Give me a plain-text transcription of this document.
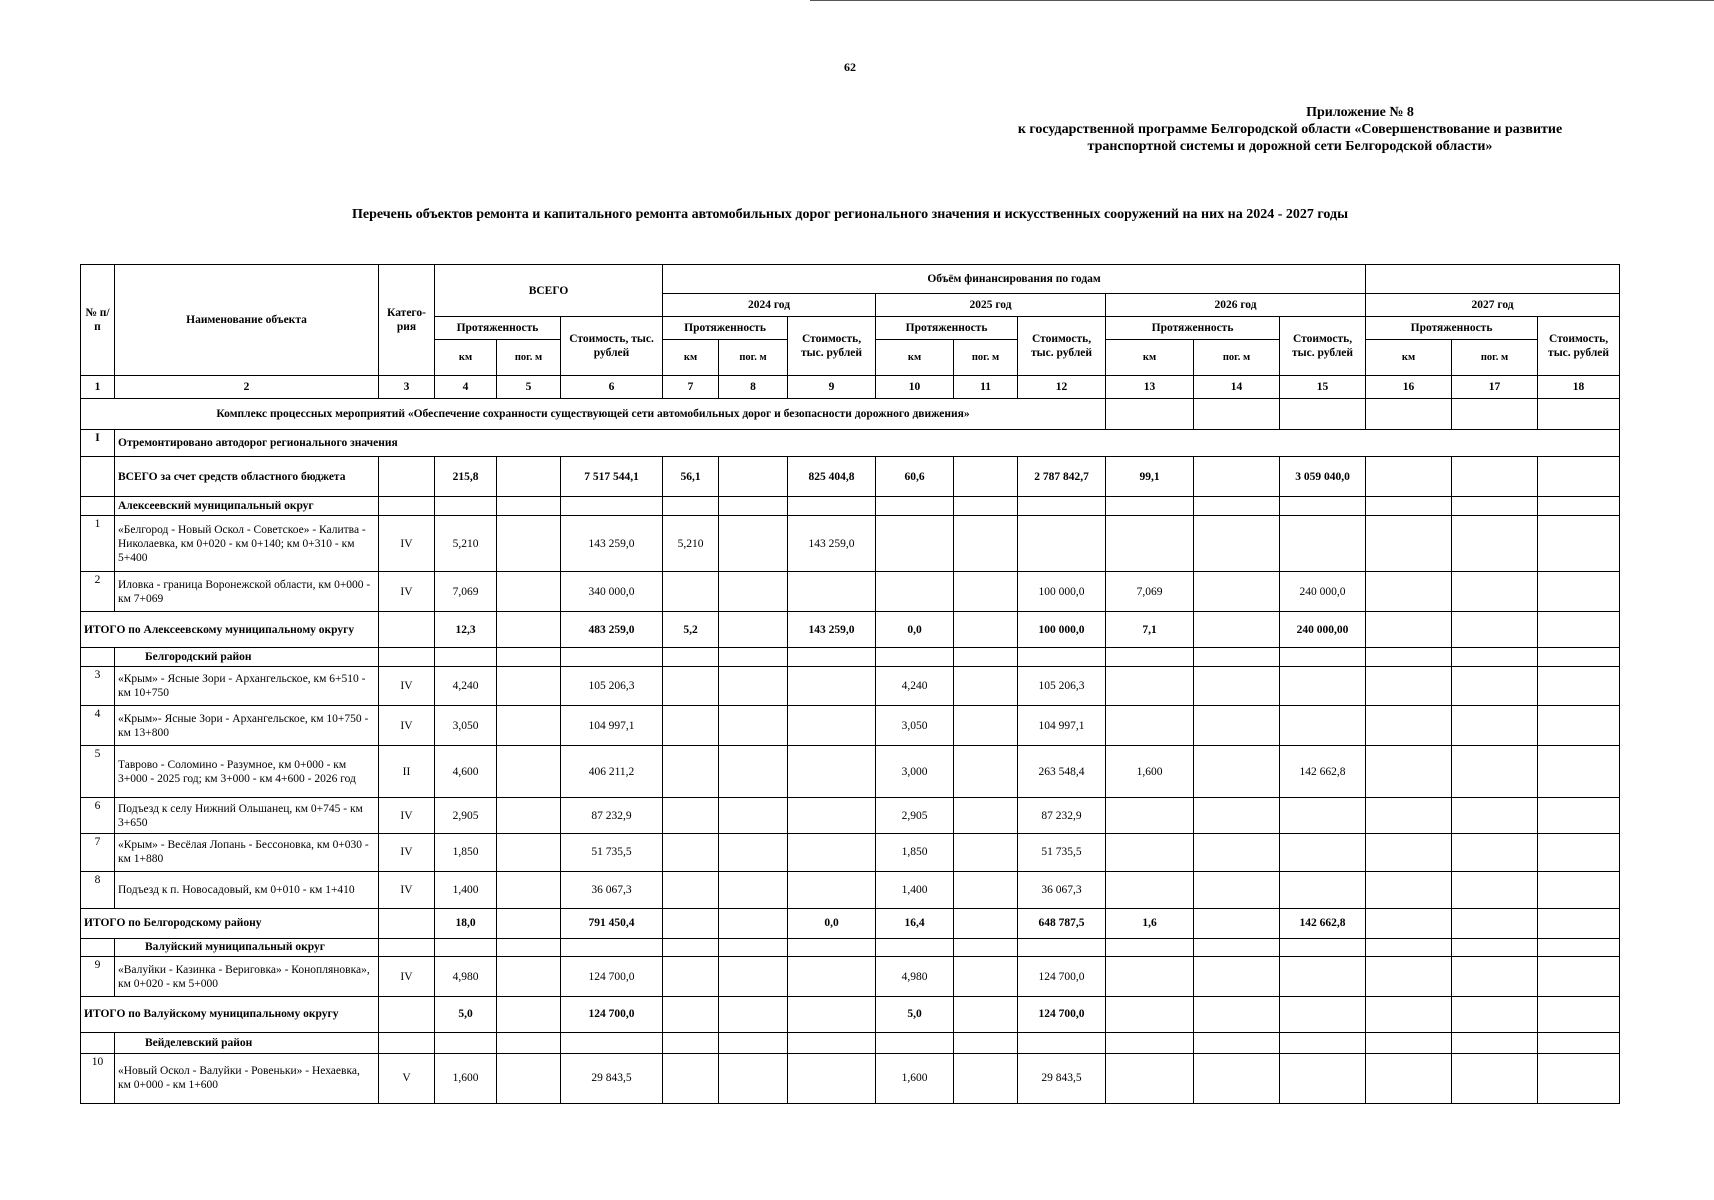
62
Приложение № 8
к государственной программе Белгородской области «Совершенствование и развитие
транспортной системы и дорожной сети Белгородской области»
Перечень объектов ремонта и капитального ремонта автомобильных дорог регионального значения и искусственных сооружений на них на 2024 - 2027 годы
№ п/п	Наименование объекта	Катего-рия	ВСЕГО			Объём финансирования по годам											
						2024 год			2025 год			2026 год			2027 год		
			Протяженность		Стоимость, тыс. рублей	Протяженность		Стоимость, тыс. рублей	Протяженность		Стоимость, тыс. рублей	Протяженность		Стоимость, тыс. рублей	Протяженность		Стоимость, тыс. рублей
			км	пог. м		км	пог. м		км	пог. м		км	пог. м		км	пог. м	
1	2	3	4	5	6	7	8	9	10	11	12	13	14	15	16	17	18
Комплекс процессных мероприятий «Обеспечение сохранности существующей сети автомобильных дорог и безопасности дорожного движения»																	
I	Отремонтировано автодорог регионального значения																
	ВСЕГО за счет средств областного бюджета		215,8		7 517 544,1	56,1		825 404,8	60,6		2 787 842,7	99,1		3 059 040,0			
	Алексеевский муниципальный округ																
1	«Белгород - Новый Оскол - Советское» - Калитва - Николаевка, км 0+020 - км 0+140; км 0+310 - км 5+400	IV	5,210		143 259,0	5,210		143 259,0									
2	Иловка - граница Воронежской области, км 0+000 - км 7+069	IV	7,069		340 000,0						100 000,0	7,069		240 000,0			
ИТОГО по Алексеевскому муниципальному округу			12,3		483 259,0	5,2		143 259,0	0,0		100 000,0	7,1		240 000,00			
	Белгородский район																
3	«Крым» - Ясные Зори - Архангельское, км 6+510 - км 10+750	IV	4,240		105 206,3				4,240		105 206,3						
4	«Крым»- Ясные Зори - Архангельское, км 10+750 - км 13+800	IV	3,050		104 997,1				3,050		104 997,1						
5	Таврово - Соломино - Разумное, км 0+000 - км 3+000 - 2025 год; км 3+000 - км 4+600 - 2026 год	II	4,600		406 211,2				3,000		263 548,4	1,600		142 662,8			
6	Подъезд к селу Нижний Ольшанец, км 0+745 - км 3+650	IV	2,905		87 232,9				2,905		87 232,9						
7	«Крым» - Весёлая Лопань - Бессоновка, км 0+030 - км 1+880	IV	1,850		51 735,5				1,850		51 735,5						
8	Подъезд к п. Новосадовый, км 0+010 - км 1+410	IV	1,400		36 067,3				1,400		36 067,3						
ИТОГО по Белгородскому району			18,0		791 450,4			0,0	16,4		648 787,5	1,6		142 662,8			
	Валуйский муниципальный округ																
9	«Валуйки - Казинка - Вериговка» - Конопляновка», км 0+020 - км 5+000	IV	4,980		124 700,0				4,980		124 700,0						
ИТОГО по Валуйскому муниципальному округу			5,0		124 700,0				5,0		124 700,0						
	Вейделевский район																
10	«Новый Оскол - Валуйки - Ровеньки» - Нехаевка, км 0+000 - км 1+600	V	1,600		29 843,5				1,600		29 843,5						
